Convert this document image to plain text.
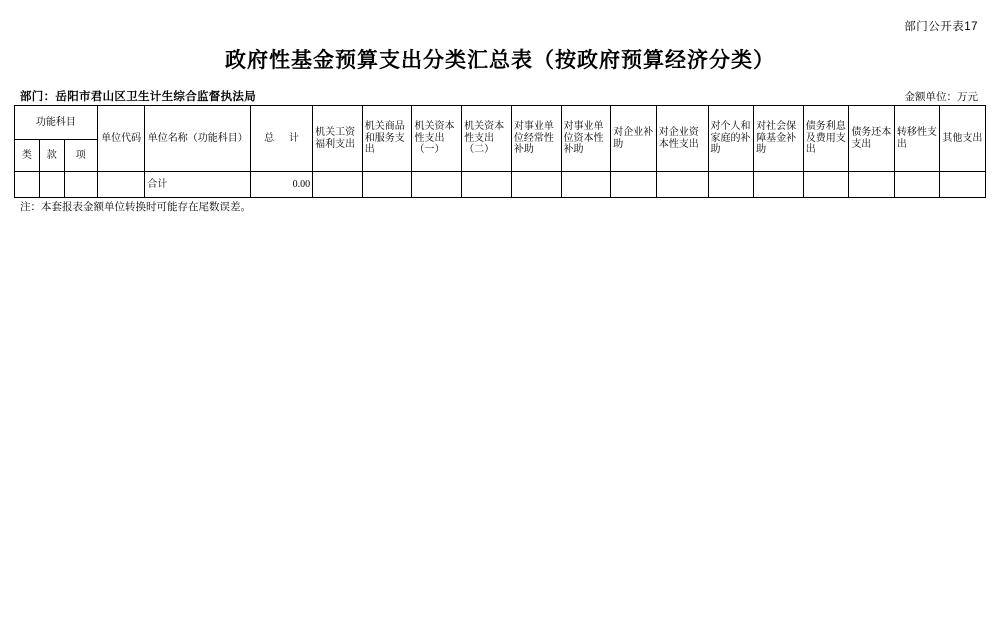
部门公开表17
政府性基金预算支出分类汇总表（按政府预算经济分类）
部门：岳阳市君山区卫生计生综合监督执法局	金额单位：万元
功能科目			单位代码	单位名称（功能科目）	总 计	机关工资福利支出	机关商品和服务支出	机关资本性支出（一）	机关资本性支出（二）	对事业单位经常性补助	对事业单位资本性补助	对企业补助	对企业资本性支出	对个人和家庭的补助	对社会保障基金补助	债务利息及费用支出	债务还本支出	转移性支出	其他支出
类	款	项																	
				合计	0.00														
注：本套报表金额单位转换时可能存在尾数误差。
